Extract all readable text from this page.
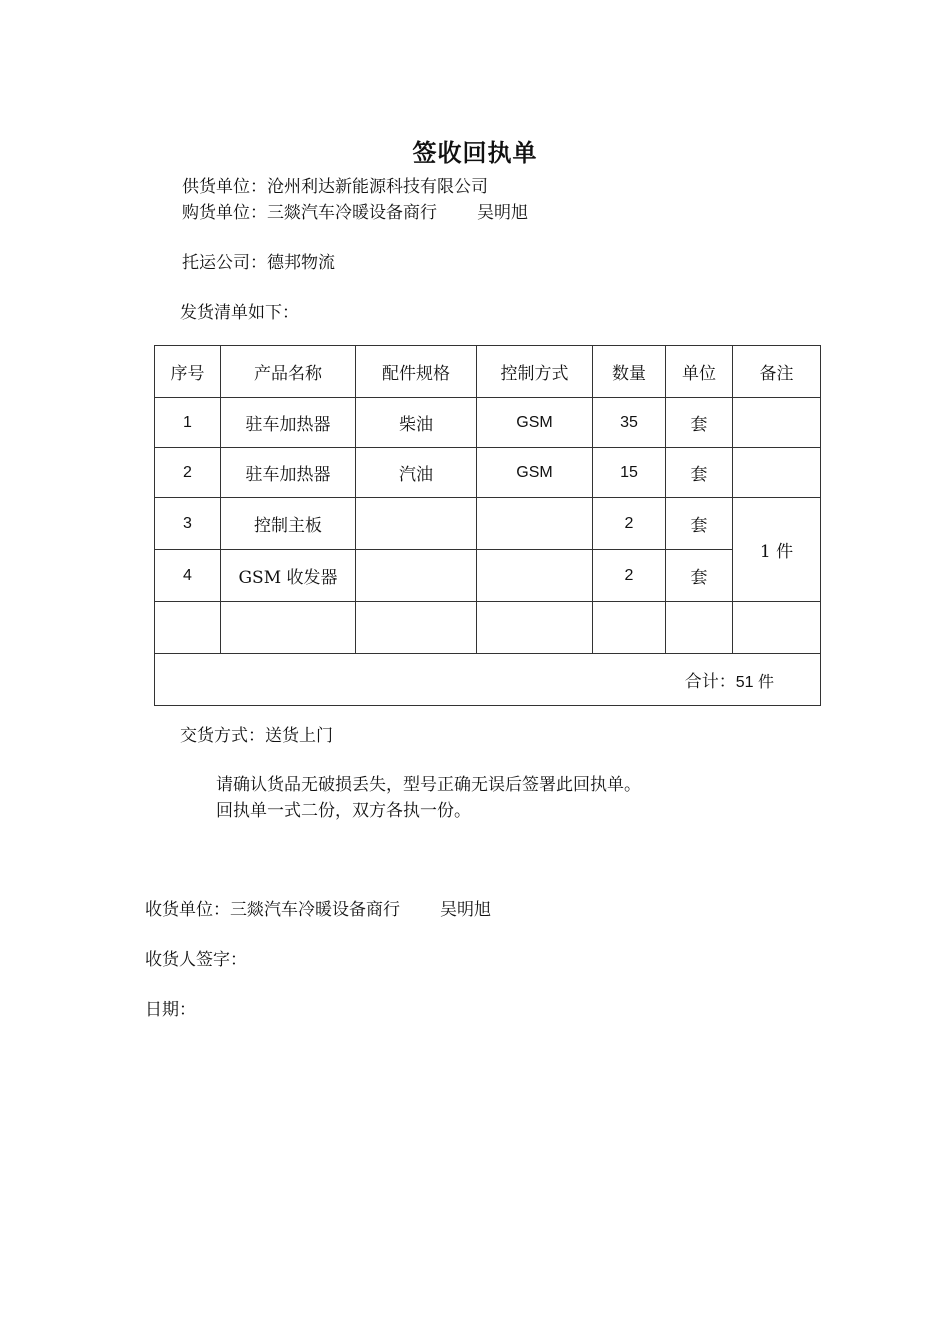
签收回执单
供货单位：沧州利达新能源科技有限公司
购货单位：三燚汽车冷暖设备商行 吴明旭
托运公司：德邦物流
发货清单如下：
序号	产品名称	配件规格	控制方式	数量	单位	备注
1	驻车加热器	柴油	GSM	35	套	
2	驻车加热器	汽油	GSM	15	套	
3	控制主板			2	套	1 件
4	GSM 收发器			2	套	

合计：51 件						
交货方式：送货上门
请确认货品无破损丢失，型号正确无误后签署此回执单。
回执单一式二份，双方各执一份。
收货单位：三燚汽车冷暖设备商行 吴明旭
收货人签字：
日期：
